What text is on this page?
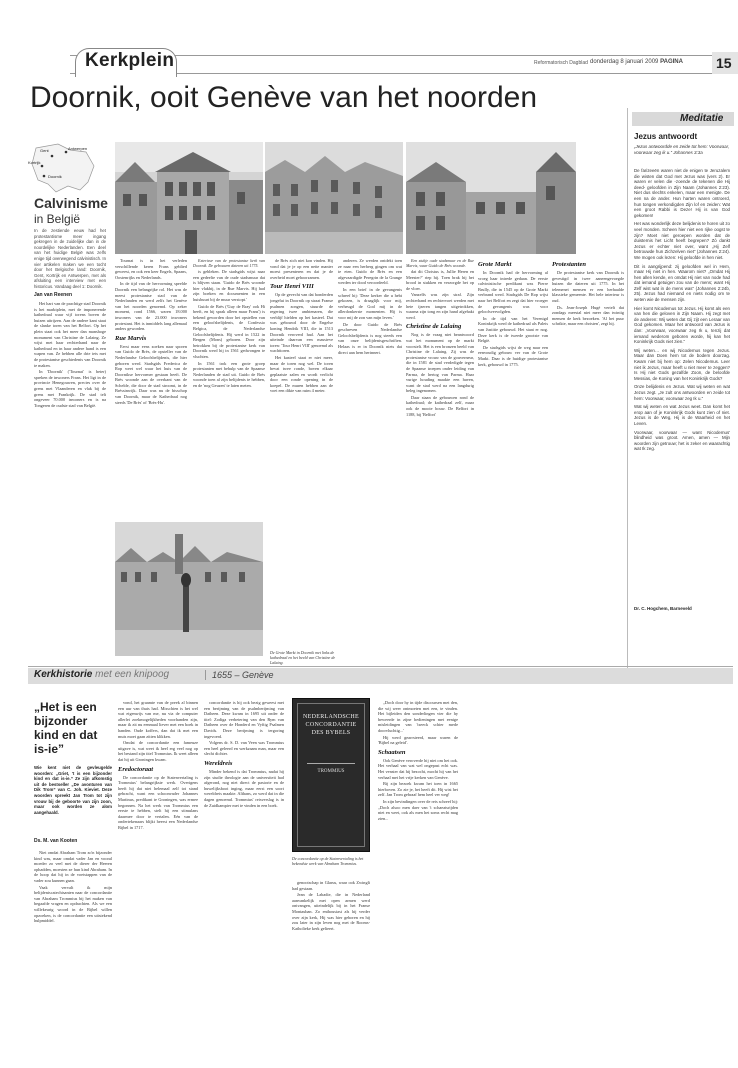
Kerkplein	Reformatorisch Dagblad donderdag 8 januari 2009 PAGINA 15
Doornik, ooit Genève van het noorden
Gent	Antwerpen
Kortrijk
Doornik
Calvinisme
in België
In de zestiende eeuw had het protestantisme meer ingang gekregen in de zuidelijke dan in de noordelijke Nederlanden. Een deel van het huidige België was zelfs enige tijd overwegend calvinistisch. In vier artikelen maken we een tocht door het Belgische land: Doornik, Gent, Kortrijk en Antwerpen, met als afsluiting een interview met een historicus. Vandaag deel 1: Doornik.
Jan van Reenen

Het hart van de prachtige stad Doornik is het marktplein, met de imponerende kathedraal waar vijf torens boven de huizen uitrijzen. Aan de andere kant staat de slanke toren van het Belfort. Op het plein staat ook het meer dan manshoge monument van Christine de Lalaing. Ze wijst met haar rechterhand naar de kathedraal en in haar andere hand is een wapen van. Ze hebben alle drie iets met de protestantse geschiedenis van Doornik te maken.

In 'Doornik' ('Tournai' is beter) spreken de inwoners Frans. Het ligt in de provincie Henegouwen, precies over de grens met Vlaanderen en vlak bij de grens met Frankrijk. De stad telt ongeveer 70.000 inwoners en is na Tongeren de oudste stad van België.

Tournai is in het verleden verschillende keren Frans geblied geweest, en ook een keer Engels, Spaans, Oostenrijks en Nederlands.

In de tijd van de hervorming speelde Doornik een belangrijke rol. Het was de meest protestantse stad van de Nederlanden en werd zelfs het Genève van het noorden genoemd. Op zeker moment, rond 1566, waren 18.000 inwoners van de 23.000 inwoners protestant. Het is inmiddels lang allemaal anders geworden.

Rue Marvis

Eerst maar eens zoeken naar sporen van Guido de Brès, de opsteller van de Nederlandse Geloofsbelijdenis, die hier geboren werd. Stadsgids Frederica de Rop weet wel waar het huis van de Doornikse hervormer gestaan heeft. De Brès woonde aan de overkant van de Schelde, die door de stad stroomt, in de Bréssinwijk. Daar was nu de bisschop van Doornik, maar de Kathedraal nog steeds 'De Brès' of 'Brès-Hu'.

Exterieur van de protestantse kerk van Doornik. De gebouwen dateren uit 1775.

is gebleken. De stadsgids wijst naar een gedeelte van de oude stadsmuur dat is blijven staan. 'Guido de Brès woonde hier vlakbij, in de Rue Marvis. Hij had zijn boeken en documenten in een huisbuurt bij de muur verstopt.'

Guido de Brès ('Guy de Bray' ook Hi beeft, en hij sprak alleen maar Frans') is bekend geworden door het opstellen van een geloofsbelijdenis, de Confessio Belgica, de Nederlandse Geloofsbelijdenis. Hij werd in 1522 in Bergen (Mons) geboren. Door zijn betrokken bij de protestantse kerk van Doornik werd hij in 1561 gedwongen te vluchten.

In 1561 trok een grote groep protestanten met behulp van de Spaanse Nederlanden de stad uit. Guido de Brès woonde toen al zijn belijdenis te hebben, en de 'nog Geuzen' te laten meten.

de Brès zich niet kon vinden. Hij vond dat je je op een nette manier moest presenteren en dat je de overheid moet gehoorzamen.

Tour Henri VIII

Op de gevecht van dat bonderden jongelui in Doornik op straat Franse psalmen zongen, stuurde de regering twee ambtenaren, die verblijf hielden op het kasteel. Dat was gebouwd door de Engelse koning Hendrik VIII, die in 1513 Doornik veroverd had. Aan het uiteinde daarvan een massieve toren: 'Tour Henri VIII' genoemd als wachttoren.

Het kasteel staat er niet meer, maar de toren nog wel. De toren bevat twee ronde, boven elkaar geplaatste zalen en wordt verlicht door een ronde opening in de koepel. De muren hebben aan de voet een dikte van ruim 4 meter.

anderen. Ze werden ontdekt toen ze naar een herberg gingen om wat te eten. Guido de Brès en een afgevaardigde Peregrin de la Grange werden ter dood veroordeeld.

In een brief in de gevangenis schreef hij: 'Deze kerker die u hebt gekozen, is draaglijk voor mij, verheugd de God mij in de allerdonkerste momenten. Hij is voor mij de zon van mijn leven.'

De door Guido de Brès geschreven Nederlandse Geloofsbelijdenis is nog steeds een van onze belijdenisgeschriften. Helaas is er in Doornik niets dat direct aan hem herinnert.

Een stukje oude stadsmuur en de Rue Marvis, waar Guido de Brès woonde.

dat dit Christus is, Jullie Heren en Meester?' riep hij. Toen brak hij het brood in stukken en verzorgde het op de vloer.

Vanzelfs was zijn straf. Zijn rechterhand en rechtervoet werden met hete ijzeren tangen uitgetrokken, waarna zijn tong en zijn hand afgehakt werd.

Christine de Lalaing

Nog is de vraag niet beantwoord wat het monument op de markt voorstelt. Het is een bronzen beeld van Christine de Lalaing. Zij was de protestantse vrouw van de gouverneur, die in 1581 de stad verdedigde tegen de Spaanse troepen onder leiding van Parma, de hertog van Parma. Haar vurige houding maakte een haven, want de stad werd na een langdurig beleg ingenomen.

Daar staan de gebouwen rond de kathedraal; de kathedraal zelf, maar ook de mooie bouw. De Belfort in 1188, bij 'Belfort'

Grote Markt

In Doornik had de hervorming al vroeg haar intrede gedaan. De eerste calvinistische predikant was Pierre Brully, die in 1545 op de Grote Markt verbrand werd. Stadsgids De Rop wijst naar het Belfort en zegt dat hier vroeger de gevangenis was voor geloofsvervolgden.

In de tijd van het Verenigd Koninkrijk werd de kathedraal als Paleis van Justitie gebouwd. Het staat er nog. Deze kerk is de tweede grootste van België.

De stadsgids wijst de weg naar een eenvoudig gebouw ver van de Grote Markt. Daar is de huidige protestantse kerk, gebouwd in 1775.

Protestanten

De protestantse kerk van Doornik is gevestigd in twee aaneengevoegde huizen die dateren uit 1775. In het telemenei mensen er een herhaalde klassieke gemeente. Het hele interieur is oud.

Ds. Jean-Joseph Hugé vertelt dat zondags meestal niet meer dan twintig mensen de kerk bezoeken. 'Al het puur schrikte, maar een christen', zegt hij.

De Grote Markt in Doornik met links de kathedraal en het beeld van Christine de Lalaing.
Meditatie
Jezus antwoordt
„Jezus antwoordde en zeide tot hem: Voorwaar, voorwaar zeg ik u.” Johannes 3:3a

De farizeeën waren niet de enigen te Jeruzalem die wisten dat God met Jezus was (vers 2). Er waren er velen die -zoende de tekenen die Hij deed- geloofden in Zijn Naam (Johannes 2:23). Niet dus slechts enkelen, maar een menigte. De een na de ander. Hun harten waren ontroerd, hun tongen verkondigden Zijn lof en zeiden: Wat een groot Rabbi is Deze! Hij is van God gekomen!

Het was wonderlijk deze belijdenis te horen uit zo veel monden. Scheen hier niet een rijke oogst te zijn? Moet niet geroepen worden dat de duisternis het Licht heeft begrepen? Zó dankt Jezus er echter niet over, want „Hij Zelf betrouwde hun Zichzelven niet” (Johannes 2:24). We mogen ook lezen: Hij geloofde in hen niet.

Dit is aangrijpend: zij geloofden wel in Hem, maar Hij niet in hen. Waarom niet? „Omdat Hij hen allen kende, en omdat Hij niet van node had dat iemand getuigen zou van de mens; want Hij Zelf wist wat in de mens was” (Johannes 2:24b, 25). Jezus had niemand en niets nodig om te weten wie de mensen zijn.

Hier komt Nicodemus tot Jezus. Hij komt als een van hen die geloven in Zijn Naam. Hij zegt met de anderen: Wij weten dat Gij zijt een Leraar van God gekomen. Maar het antwoord van Jezus is dan: „Voorwaar, voorwaar zeg Ik u, tenzij dat iemand wederom geboren worde, hij kan het Koninkrijk Gods niet zien.”

Wij weten… en wij Nicodemus tegen Jezus. Maar dan Doen hem tot de bodem doorzag. Kwam niet bij hem op: Zelen Nicodemus. Leer niet ik Jezus, maar heeft u niet meer te zeggen? Is Hij niet Gods gezalfde Zoon, de beloofde Messias, de Koning van het Koninkrijk Gods?

Onze belijdenis en Jezus. Wat wij weten en wat Jezus zegt. „Je zult ons antwoorden en zeide tot hem: Voorwaar, voorwaar zeg Ik u.”

Wat wij weten en wat Jezus weet. Dan komt het erop aan of je Koninkrijk Gods kunt zien of niet. Jezus is de Weg, Hij is de Waarheid en het Leven.

Voorwaar, voorwaar — want Nicodemus' blindheid was groot. Amen, amen — Mijn woorden zijn getrouw; het is zeker en waarachtig wat Ik zeg.

Dr. C. Hogchem, Barneveld
Kerkhistorie met een knipoog	1655 – Genève
„Het is een bijzonder kind en dat is-ie”
Wie kent niet de gevleugelde woorden: „Griet, 't is een bijzonder kind en dat is-ie.” Ze zijn afkomstig uit de bestseller „De avonturen van Dik Trom” van C. Joh. Kieviet. Deze woorden spreekt Jan Trom tot zijn vrouw bij de geboorte van zijn zoon, maar ook worden ze alom aangehaald.
Ds. M. van Kooten

Niet omdat Abraham Trom zo'n bijzonder kind was, maar omdat vader Jan en vooral moeder zo veel met de dierer der Heeren ophadden, moesten ze hun kind Abraham. In de hoop dat hij in de voetstappen van de vader zou kunnen gaan.

Vaak vervalt ik mijn belijdeniscatechisanten naar de concordantie van Abraham Trommius bij het maken van begaafde vragen en opdrachten. Als we een willekeurig woord in de Bijbel willen opzoeken, is de concordantie een uitstekend hulpmiddel.

vond, het graamte van de preek al binnen een uur van thuis had. Misschien is het wel wat eigenwijs van me, nu via de computer allerlei zoekmogelijkheden voorhanden zijn, maar ik zit nu eenmaal liever met een boek in handen. Oude koffers, dan dat ik met een muis moet gaan zitten klikken.

Omdat de concordantie een fameuze uitgave is, wat weet ik heel erg veel nog op het bestand zijn titel Trommius. Ik weet alleen dat hij uit Groningen kwam.

Eredoctoraat

De concordantie op de Statenvertaling is Trommius' belangrijkste werk. Overigens heeft hij dat niet helemaal zelf tot stand gebracht, want een schoonvader Johannes Martinus, predikant te Groningen, was ermee begonnen. Na het werk van Trommius een eerste te hebben, stelt hij een stimulans daarmee door te vertalen. Eén van de ondertekenaars blijkt heerst een Nederlandse Bijbel in 1717.

concordantie is hij ook bezig geweest met een berijming van de psalmberijming van Datheen. Deze kwam in 1695 uit onder de titel: Zodiga verbetering van den Rym van Datheen over de Honderd en Vyftig Psalmen Davids. Deze berijming is tergoring ingevoerd.

Volgens dr. S. D. van Veen was Trommius een heel geleerd en werkzaam man, maar een slecht dichter.

Wereldreis

Minder bekend is dat Trommius, nadat hij zijn studie theologie aan de universiteit had afgerond, nog niet direct de pastorie en de huwelijksboot inging, maar eerst een soort wereldreis maakte. Althans, zo werd dat in die dagen genoemd. Trommius' reisverslag is in de Zuidkampier met te vinden in een boek.

NEDERLANDSCHE CONCORDANTIE DES BYBELS
TROMMIUS
De concordantie op de Statenvertaling is het bekendste werk van Abraham Trommius.

genootschap in Glarus, waar ook Zwingli had gestaan.

Jean de Labadie, die in Nederland aanvankelijk met open armen werd ontvangen, uiteindelijk bij in het Franse Montauban. Zo enthousiast als hij verder over zijn kerk, Hij was hier geboren en hij zou later in zijn leven nog met de Rooms-Katholieke kerk gelieert.

„Doch door hy in tijde discoursen met den, die wij weer ontmoeten met een, te vinden. Het bijleiden den sonderlingen vier die hy beweerde in zijne bedieningen met eenige misleidingen van 'tseeck schier mede doorvluchtig...'

Hij werd gearrsteerd, maar waren de 'Bijbel na geleid'.

Schaatsen

Ook Genève veroverde hij niet om het ook. Het verhaal van wat wel ongepast echt was. Het venster dat hij bezocht, mocht hij van het verhaal met het vrije kerken van Genève.

Bij zijn bezoek kwam het toen in 1665 hierboven. Zo zie je, het heeft dit. Hij wist het zelf. Jan Trom gebraaf hem heel ver weg!

In zijn bevindingen over de reis schreef hij: „Doch alsoo men daer van 't schaeatsrijden niet en weet, ook als men het soms recht mag zien...
